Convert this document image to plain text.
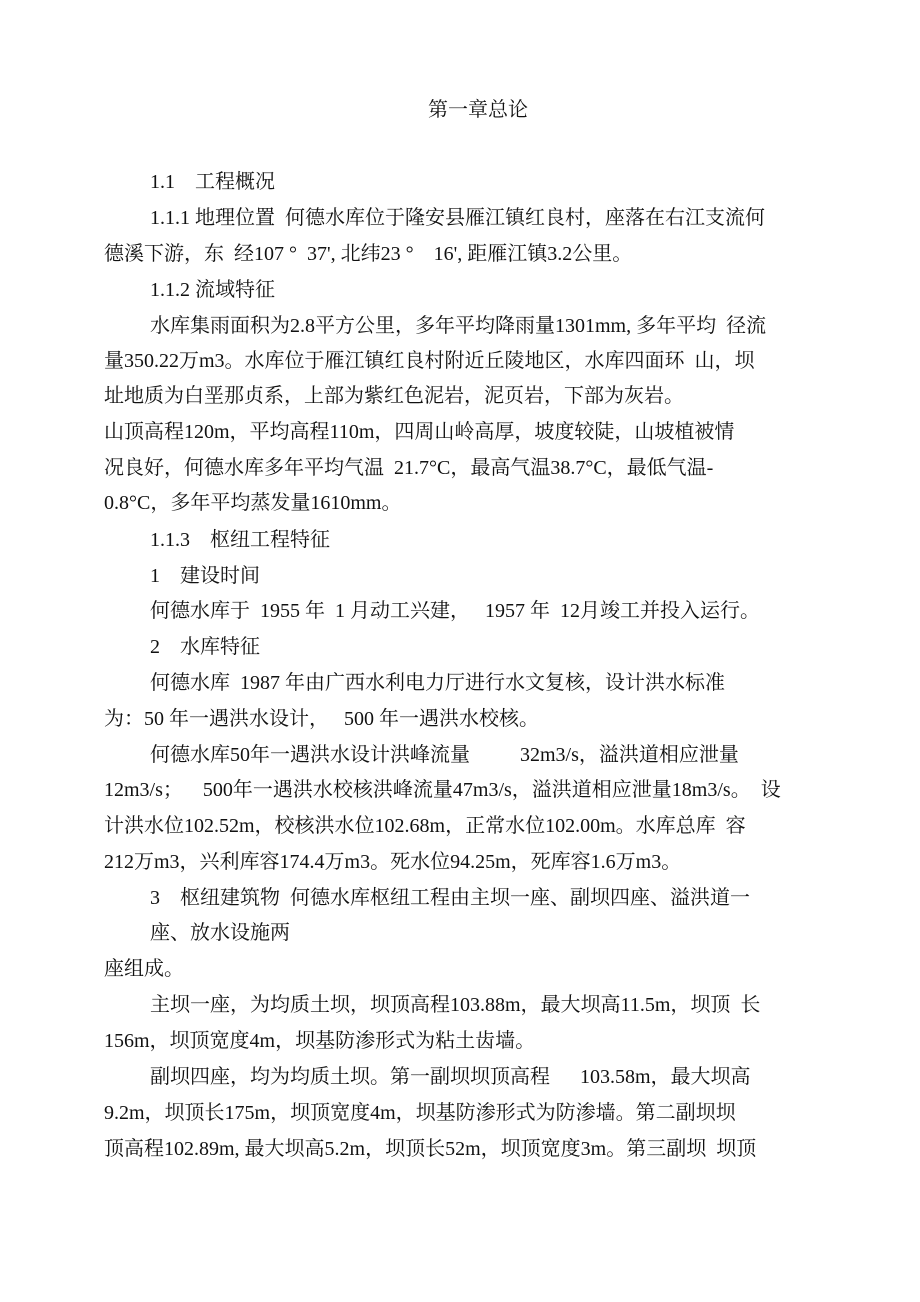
第一章总论
1.1    工程概况
1.1.1 地理位置  何德水库位于隆安县雁江镇红良村，座落在右江支流何
德溪下游，东  经107 °  37', 北纬23 °    16', 距雁江镇3.2公里。
1.1.2 流域特征
水库集雨面积为2.8平方公里，多年平均降雨量1301mm, 多年平均  径流
量350.22万m3。水库位于雁江镇红良村附近丘陵地区，水库四面环  山，坝
址地质为白垩那贞系，上部为紫红色泥岩，泥页岩，下部为灰岩。
山顶高程120m，平均高程110m，四周山岭高厚，坡度较陡，山坡植被情
况良好，何德水库多年平均气温  21.7°C，最高气温38.7°C，最低气温-
0.8°C，多年平均蒸发量1610mm。
1.1.3    枢纽工程特征
1    建设时间
何德水库于  1955 年  1 月动工兴建，   1957 年  12月竣工并投入运行。
2    水库特征
何德水库  1987 年由广西水利电力厅进行水文复核，设计洪水标准
为：50 年一遇洪水设计，   500 年一遇洪水校核。
何德水库50年一遇洪水设计洪峰流量          32m3/s，溢洪道相应泄量
12m3/s；    500年一遇洪水校核洪峰流量47m3/s，溢洪道相应泄量18m3/s。  设
计洪水位102.52m，校核洪水位102.68m，正常水位102.00m。水库总库  容
212万m3，兴利库容174.4万m3。死水位94.25m，死库容1.6万m3。
3    枢纽建筑物  何德水库枢纽工程由主坝一座、副坝四座、溢洪道一
座、放水设施两
座组成。
主坝一座，为均质土坝，坝顶高程103.88m，最大坝高11.5m，坝顶  长
156m，坝顶宽度4m，坝基防渗形式为粘土齿墙。
副坝四座，均为均质土坝。第一副坝坝顶高程      103.58m，最大坝高
9.2m，坝顶长175m，坝顶宽度4m，坝基防渗形式为防渗墙。第二副坝坝
顶高程102.89m, 最大坝高5.2m，坝顶长52m，坝顶宽度3m。第三副坝  坝顶
